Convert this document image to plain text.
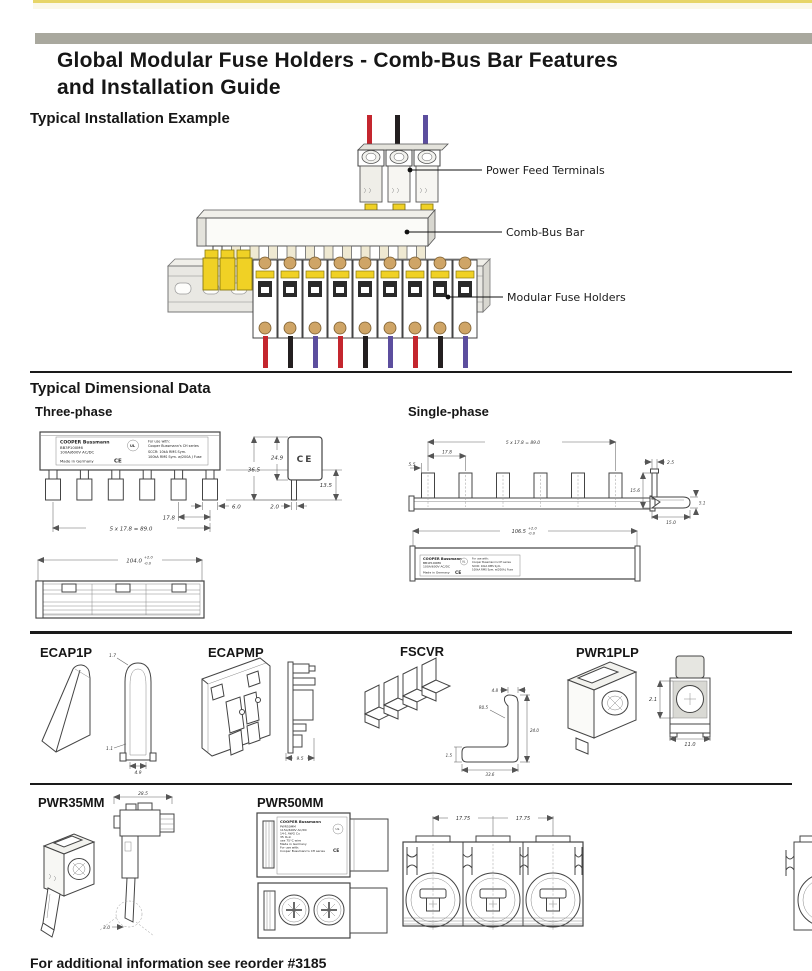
Global Modular Fuse Holders - Comb-Bus Bar Features
and Installation Guide
Typical Installation Example
Power Feed Terminals
Comb-Bus Bar
Modular Fuse Holders
Typical Dimensional Data
Three-phase	Single-phase
COOPER Bussmann
BB3P100M6
100A/600V AC/DC
Made in Germany	CE
UL
For use with:
Cooper Bussmann's CH series
SCCR: 10kA RMS Sym.
100kA RMS Sym. w/200A J Fuse
13.5
6.0
17.8
5 x 17.8 = 89.0
CE
36.5
24.9
2.0
104.0
+2.0
-0.0
5 x 17.8 = 89.0
17.8
5.5	2.5
15.6
5.1
15.0
106.5
+2.0
-0.0
COOPER Bussmann
BB1P100M6
100A/600V AC/DC
Made in Germany CE
UL
For use with:
Cooper Bussmann's CH series
SCCR: 10kA RMS Sym.
100kA RMS Sym. w/200A J Fuse
ECAP1P	ECAPMP	FSCVR	PWR1PLP
1.7
1.1
4.9
9.5
R0.5
4.8
24.0
33.6
1.5
2.1
11.0
PWR35MM	PWR50MM
28.5
3.0
COOPER Bussmann
PWR50MM
115A/600V AC/DC
14-1 AWG Cu
35 lb-in
use 75°C wire
Made in Germany
For use with:
Cooper Bussmann's CH series
UL
CE
17.75	17.75
For additional information see reorder #3185
